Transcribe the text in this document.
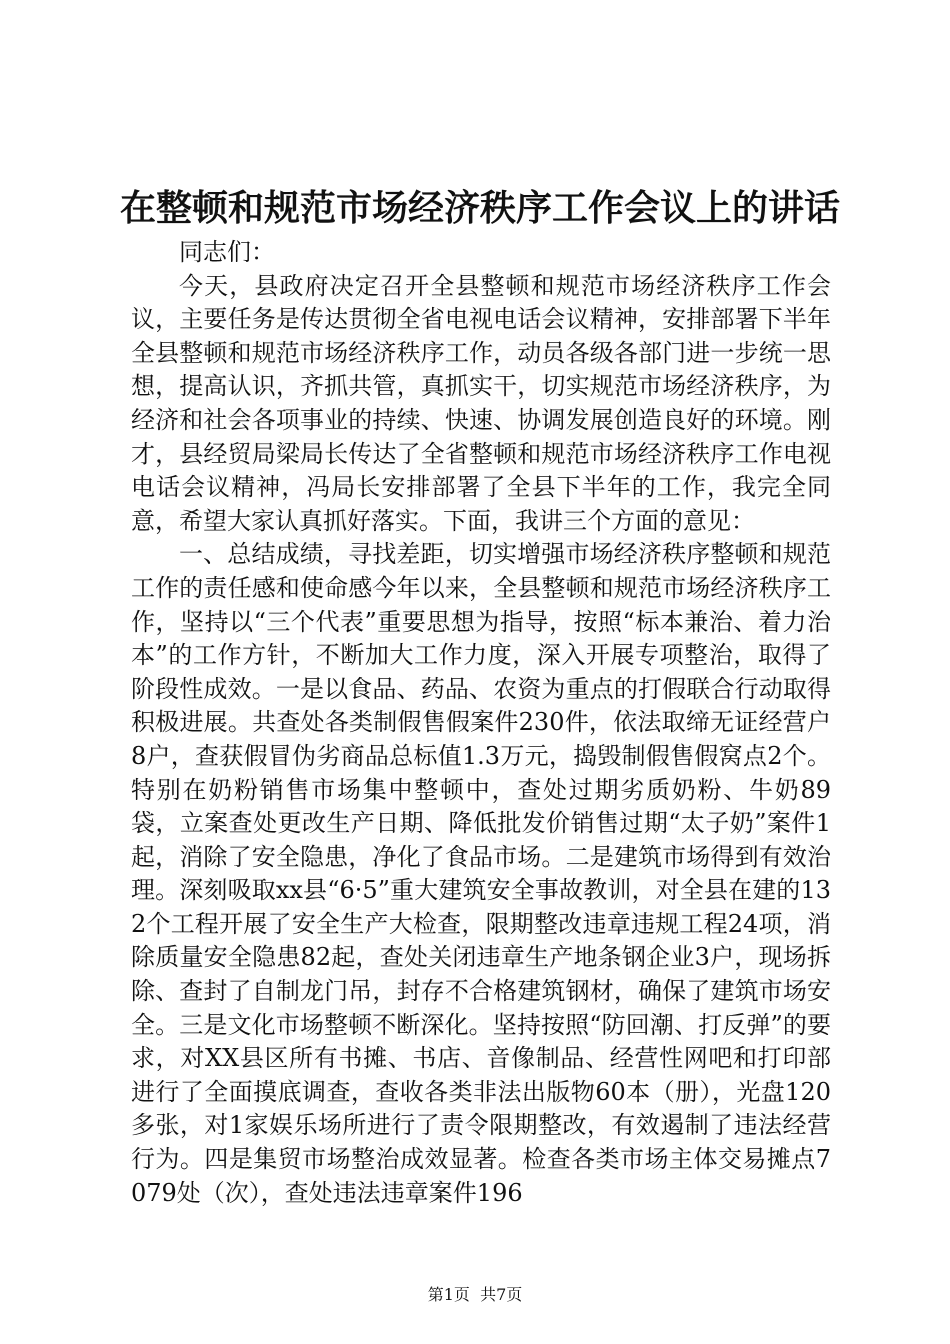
在整顿和规范市场经济秩序工作会议上的讲话

同志们：

今天，县政府决定召开全县整顿和规范市场经济秩序工作会议，主要任务是传达贯彻全省电视电话会议精神，安排部署下半年全县整顿和规范市场经济秩序工作，动员各级各部门进一步统一思想，提高认识，齐抓共管，真抓实干，切实规范市场经济秩序，为经济和社会各项事业的持续、快速、协调发展创造良好的环境。刚才，县经贸局梁局长传达了全省整顿和规范市场经济秩序工作电视电话会议精神，冯局长安排部署了全县下半年的工作，我完全同意，希望大家认真抓好落实。下面，我讲三个方面的意见：

一、总结成绩，寻找差距，切实增强市场经济秩序整顿和规范工作的责任感和使命感今年以来，全县整顿和规范市场经济秩序工作，坚持以“三个代表”重要思想为指导，按照“标本兼治、着力治本”的工作方针，不断加大工作力度，深入开展专项整治，取得了阶段性成效。一是以食品、药品、农资为重点的打假联合行动取得积极进展。共查处各类制假售假案件230件，依法取缔无证经营户8户，查获假冒伪劣商品总标值1.3万元，捣毁制假售假窝点2个。特别在奶粉销售市场集中整顿中，查处过期劣质奶粉、牛奶89袋，立案查处更改生产日期、降低批发价销售过期“太子奶”案件1起，消除了安全隐患，净化了食品市场。二是建筑市场得到有效治理。深刻吸取xx县“6·5”重大建筑安全事故教训，对全县在建的132个工程开展了安全生产大检查，限期整改违章违规工程24项，消除质量安全隐患82起，查处关闭违章生产地条钢企业3户，现场拆除、查封了自制龙门吊，封存不合格建筑钢材，确保了建筑市场安全。三是文化市场整顿不断深化。坚持按照“防回潮、打反弹”的要求，对XX县区所有书摊、书店、音像制品、经营性网吧和打印部进行了全面摸底调查，查收各类非法出版物60本（册），光盘120多张，对1家娱乐场所进行了责令限期整改，有效遏制了违法经营行为。四是集贸市场整治成效显著。检查各类市场主体交易摊点7079处（次），查处违法违章案件196

第1页  共7页
